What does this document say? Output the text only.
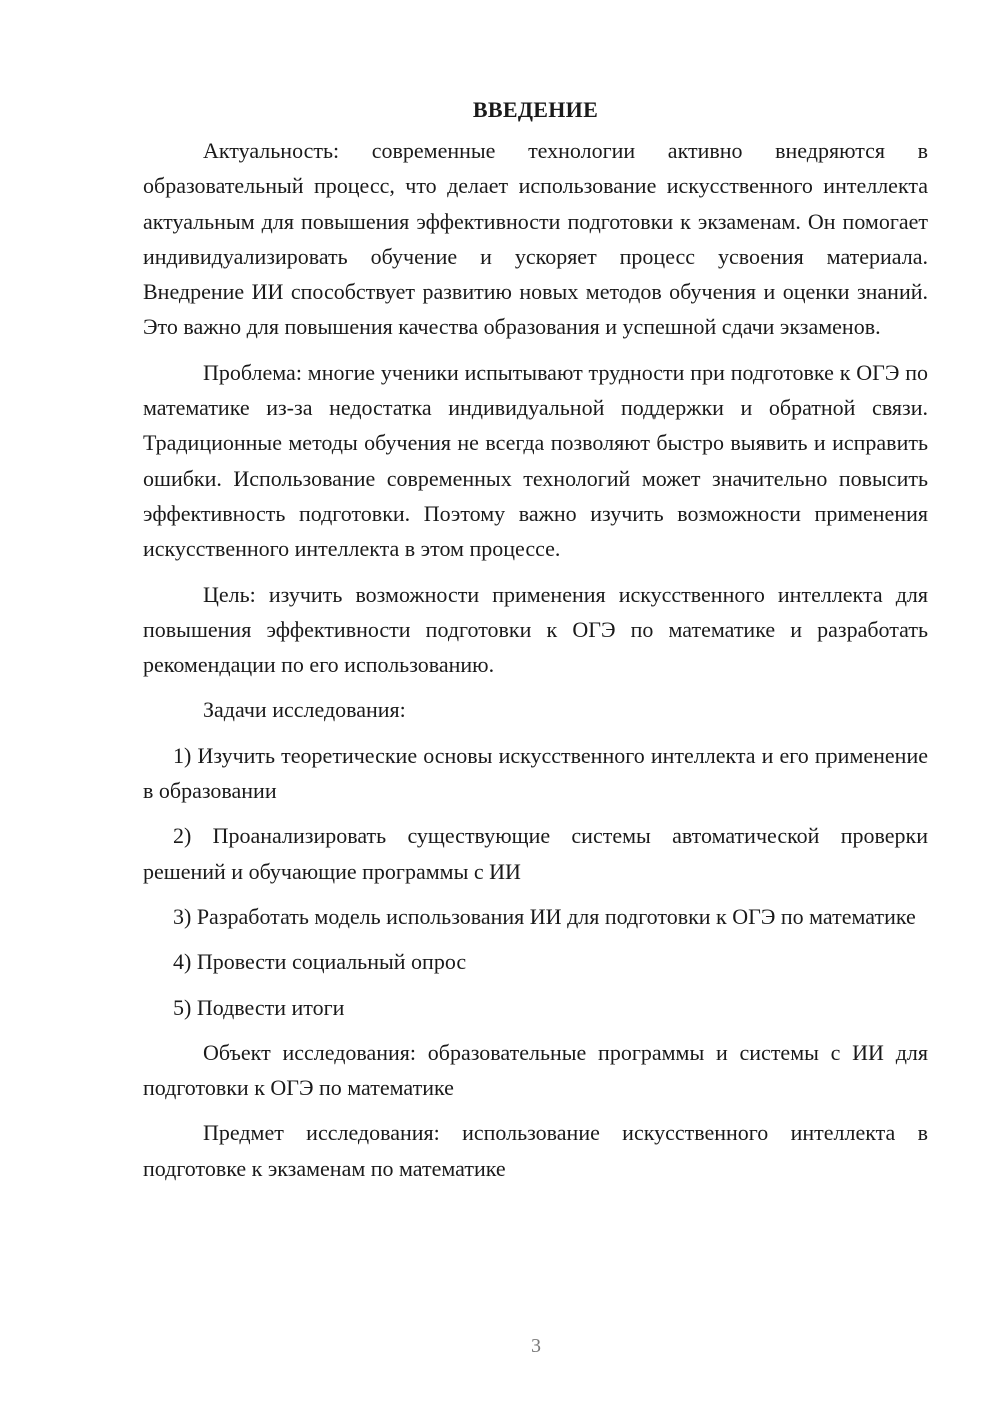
ВВЕДЕНИЕ

Актуальность: современные технологии активно внедряются в образовательный процесс, что делает использование искусственного интеллекта актуальным для повышения эффективности подготовки к экзаменам. Он помогает индивидуализировать обучение и ускоряет процесс усвоения материала. Внедрение ИИ способствует развитию новых методов обучения и оценки знаний. Это важно для повышения качества образования и успешной сдачи экзаменов.

Проблема: многие ученики испытывают трудности при подготовке к ОГЭ по математике из-за недостатка индивидуальной поддержки и обратной связи. Традиционные методы обучения не всегда позволяют быстро выявить и исправить ошибки. Использование современных технологий может значительно повысить эффективность подготовки. Поэтому важно изучить возможности применения искусственного интеллекта в этом процессе.

Цель: изучить возможности применения искусственного интеллекта для повышения эффективности подготовки к ОГЭ по математике и разработать рекомендации по его использованию.

Задачи исследования:

1) Изучить теоретические основы искусственного интеллекта и его применение в образовании

2) Проанализировать существующие системы автоматической проверки решений и обучающие программы с ИИ

3) Разработать модель использования ИИ для подготовки к ОГЭ по математике

4) Провести социальный опрос

5) Подвести итоги

Объект исследования: образовательные программы и системы с ИИ для подготовки к ОГЭ по математике

Предмет исследования: использование искусственного интеллекта в подготовке к экзаменам по математике

3
